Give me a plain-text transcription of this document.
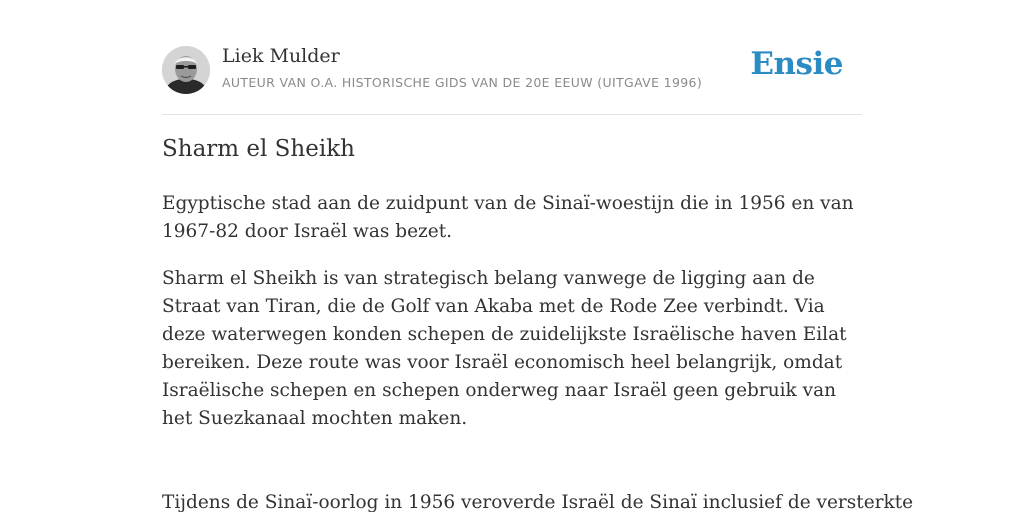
Liek Mulder
AUTEUR VAN O.A. HISTORISCHE GIDS VAN DE 20E EEUW (UITGAVE 1996)
Ensie
Sharm el Sheikh

Egyptische stad aan de zuidpunt van de Sinaï-woestijn die in 1956 en van 1967-82 door Israël was bezet.

Sharm el Sheikh is van strategisch belang vanwege de ligging aan de Straat van Tiran, die de Golf van Akaba met de Rode Zee verbindt. Via deze waterwegen konden schepen de zuidelijkste Israëlische haven Eilat bereiken. Deze route was voor Israël economisch heel belangrijk, omdat Israëlische schepen en schepen onderweg naar Israël geen gebruik van het Suezkanaal mochten maken.

Tijdens de Sinaï-oorlog in 1956 veroverde Israël de Sinaï inclusief de versterkte
